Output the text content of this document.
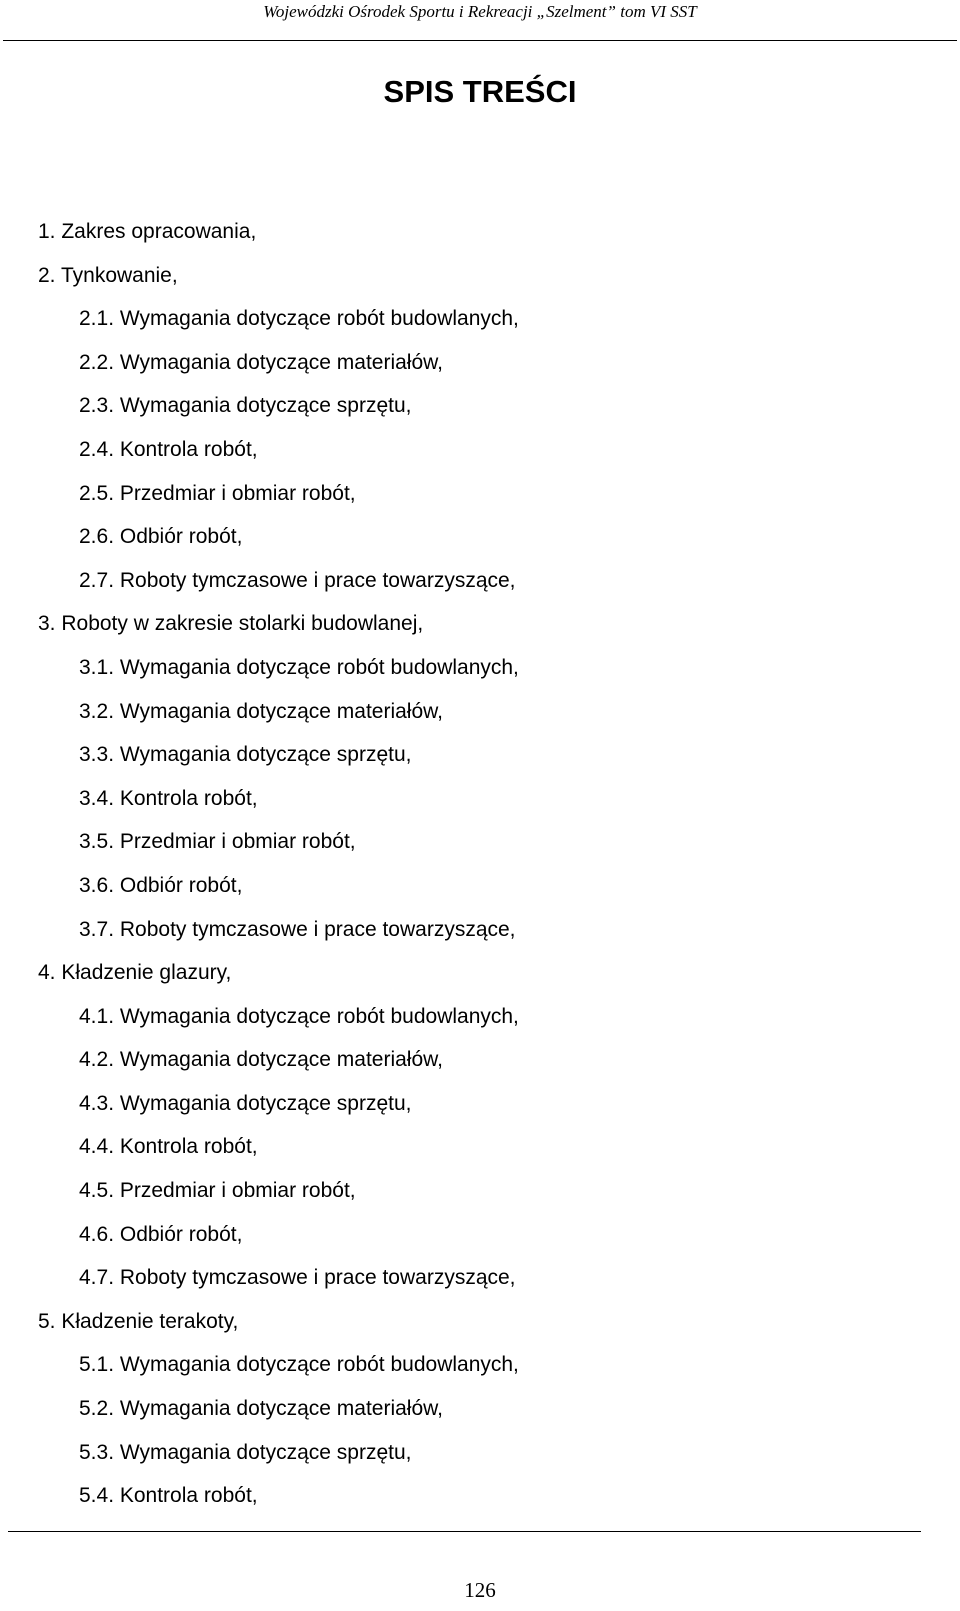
Wojewódzki Ośrodek Sportu i Rekreacji „Szelment” tom VI SST
SPIS TREŚCI
1. Zakres opracowania,
2. Tynkowanie,
2.1. Wymagania dotyczące robót budowlanych,
2.2. Wymagania dotyczące materiałów,
2.3. Wymagania dotyczące sprzętu,
2.4. Kontrola robót,
2.5. Przedmiar i obmiar robót,
2.6. Odbiór robót,
2.7. Roboty tymczasowe i prace towarzyszące,
3. Roboty w zakresie stolarki budowlanej,
3.1. Wymagania dotyczące robót budowlanych,
3.2. Wymagania dotyczące materiałów,
3.3. Wymagania dotyczące sprzętu,
3.4. Kontrola robót,
3.5. Przedmiar i obmiar robót,
3.6. Odbiór robót,
3.7. Roboty tymczasowe i prace towarzyszące,
4. Kładzenie glazury,
4.1. Wymagania dotyczące robót budowlanych,
4.2. Wymagania dotyczące materiałów,
4.3. Wymagania dotyczące sprzętu,
4.4. Kontrola robót,
4.5. Przedmiar i obmiar robót,
4.6. Odbiór robót,
4.7. Roboty tymczasowe i prace towarzyszące,
5. Kładzenie terakoty,
5.1. Wymagania dotyczące robót budowlanych,
5.2. Wymagania dotyczące materiałów,
5.3. Wymagania dotyczące sprzętu,
5.4. Kontrola robót,
126
